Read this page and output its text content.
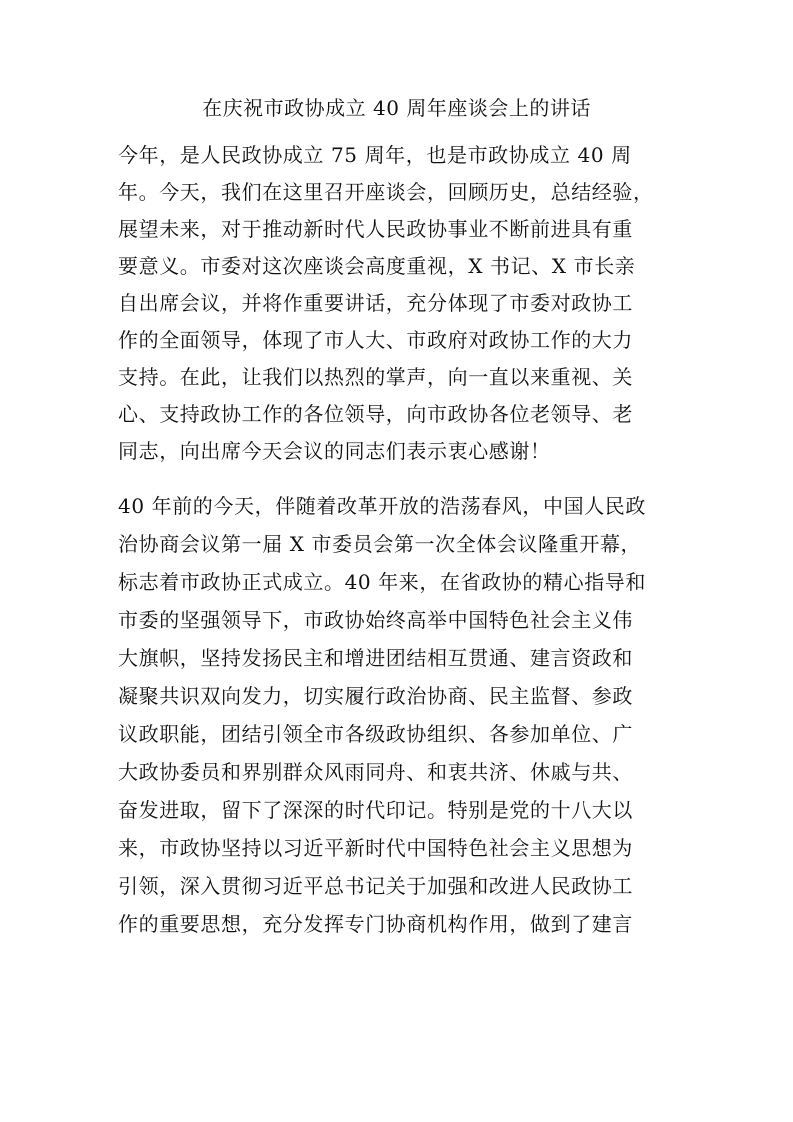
在庆祝市政协成立 40 周年座谈会上的讲话
今年，是人民政协成立 75 周年，也是市政协成立 40 周
年。今天，我们在这里召开座谈会，回顾历史，总结经验，
展望未来，对于推动新时代人民政协事业不断前进具有重
要意义。市委对这次座谈会高度重视，X 书记、X 市长亲
自出席会议，并将作重要讲话，充分体现了市委对政协工
作的全面领导，体现了市人大、市政府对政协工作的大力
支持。在此，让我们以热烈的掌声，向一直以来重视、关
心、支持政协工作的各位领导，向市政协各位老领导、老
同志，向出席今天会议的同志们表示衷心感谢！
40 年前的今天，伴随着改革开放的浩荡春风，中国人民政
治协商会议第一届 X 市委员会第一次全体会议隆重开幕，
标志着市政协正式成立。40 年来，在省政协的精心指导和
市委的坚强领导下，市政协始终高举中国特色社会主义伟
大旗帜，坚持发扬民主和增进团结相互贯通、建言资政和
凝聚共识双向发力，切实履行政治协商、民主监督、参政
议政职能，团结引领全市各级政协组织、各参加单位、广
大政协委员和界别群众风雨同舟、和衷共济、休戚与共、
奋发进取，留下了深深的时代印记。特别是党的十八大以
来，市政协坚持以习近平新时代中国特色社会主义思想为
引领，深入贯彻习近平总书记关于加强和改进人民政协工
作的重要思想，充分发挥专门协商机构作用，做到了建言
